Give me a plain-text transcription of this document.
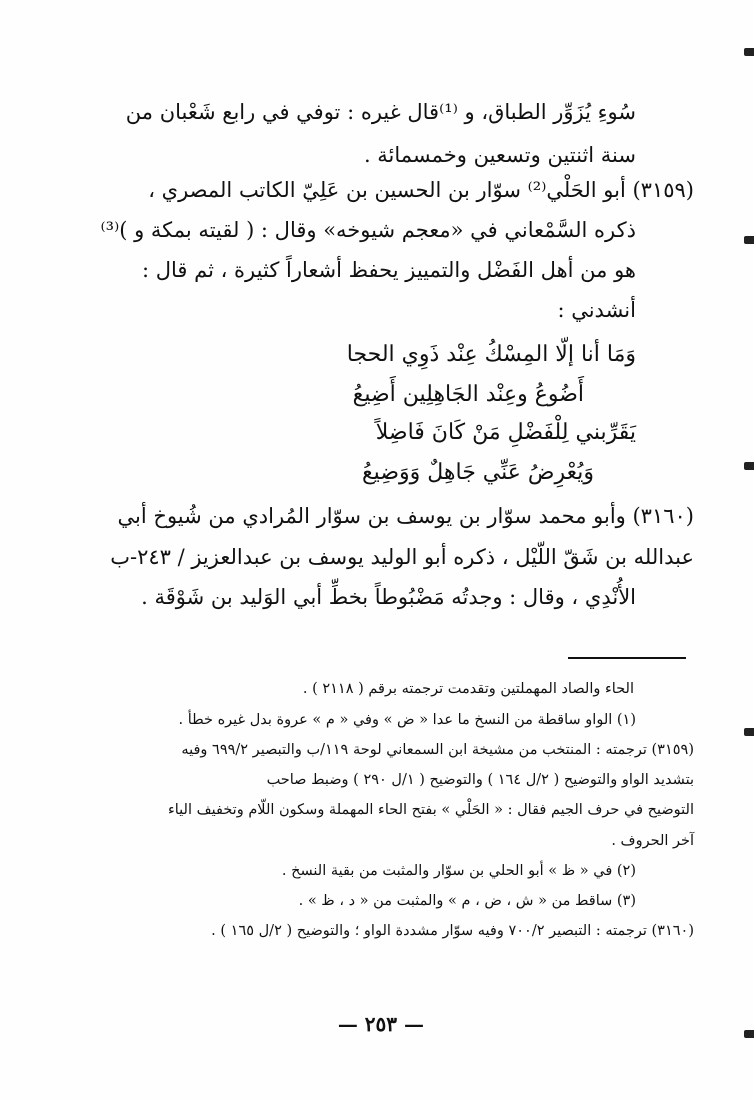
سُوءِ يُزَوِّر الطباق، و ⁽¹⁾قال غيره : توفي في رابع شَعْبان من
سنة اثنتين وتسعين وخمسمائة .
(٣١٥٩) أبو الحَلْي⁽²⁾ سوّار بن الحسين بن عَلِيّ الكاتب المصري ،
ذكره السَّمْعاني في «معجم شيوخه» وقال : ( لقيته بمكة و )⁽³⁾
هو من أهل الفَضْل والتمييز يحفظ أشعاراً كثيرة ، ثم قال :
أنشدني :
وَمَا أنا إلّا المِسْكُ عِنْد ذَوِي الحجا
أَضُوعُ وعِنْد الجَاهِلِين أَضِيعُ
يَقَرِّبني لِلْفَضْلِ مَنْ كَانَ فَاضِلاً
وَيُعْرِضُ عَنِّي جَاهِلٌ وَوَضِيعُ
(٣١٦٠) وأبو محمد سوّار بن يوسف بن سوّار المُرادي من شُيوخ أبي
عبدالله بن شَقّ اللّيْل ، ذكره أبو الوليد يوسف بن عبدالعزيز / ٢٤٣-ب
الأُنْدِي ، وقال : وجدتُه مَضْبُوطاً بخطِّ أبي الوَليد بن شَوْقَة .
الحاء والصاد المهملتين وتقدمت ترجمته برقم ( ٢١١٨ ) .
(١) الواو ساقطة من النسخ ما عدا « ض » وفي « م » عروة بدل غيره خطأ .
(٣١٥٩) ترجمته : المنتخب من مشيخة ابن السمعاني لوحة ١١٩/ب والتبصير ٦٩٩/٢ وفيه
بتشديد الواو والتوضيح ( ٢/ل ١٦٤ ) والتوضيح ( ١/ل ٢٩٠ ) وضبط صاحب
التوضيح في حرف الجيم فقال : « الحَلْي » بفتح الحاء المهملة وسكون اللّام وتخفيف الياء
آخر الحروف .
(٢) في « ظ » أبو الحلي بن سوّار والمثبت من بقية النسخ .
(٣) ساقط من « ش ، ض ، م » والمثبت من « د ، ظ » .
(٣١٦٠) ترجمته : التبصير ٧٠٠/٢ وفيه سوّار مشددة الواو ؛ والتوضيح ( ٢/ل ١٦٥ ) .
— ٢٥٣ —
